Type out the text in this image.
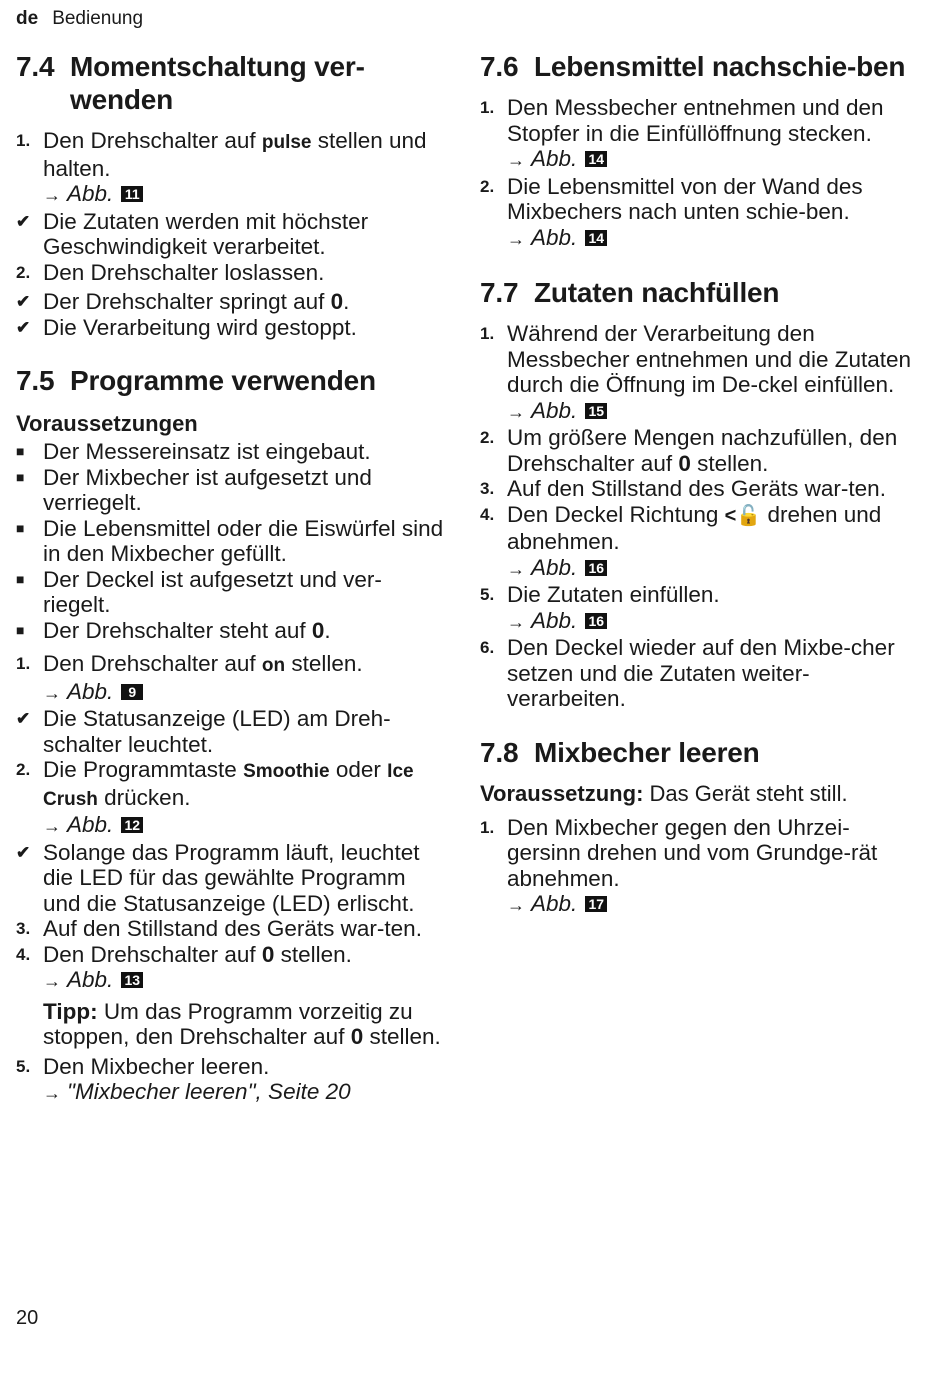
de Bedienung
7.4 Momentschaltung ver-wenden
1. Den Drehschalter auf pulse stellen und halten.
→ Abb. 11
✔ Die Zutaten werden mit höchster Geschwindigkeit verarbeitet.
2. Den Drehschalter loslassen.
✔ Der Drehschalter springt auf 0.
✔ Die Verarbeitung wird gestoppt.
7.5 Programme verwenden
Voraussetzungen
■ Der Messereinsatz ist eingebaut.
■ Der Mixbecher ist aufgesetzt und verriegelt.
■ Die Lebensmittel oder die Eiswürfel sind in den Mixbecher gefüllt.
■ Der Deckel ist aufgesetzt und ver-riegelt.
■ Der Drehschalter steht auf 0.
1. Den Drehschalter auf on stellen.
→ Abb. 9
✔ Die Statusanzeige (LED) am Dreh-schalter leuchtet.
2. Die Programmtaste Smoothie oder Ice Crush drücken.
→ Abb. 12
✔ Solange das Programm läuft, leuchtet die LED für das gewählte Programm und die Statusanzeige (LED) erlischt.
3. Auf den Stillstand des Geräts war-ten.
4. Den Drehschalter auf 0 stellen.
→ Abb. 13
Tipp: Um das Programm vorzeitig zu stoppen, den Drehschalter auf 0 stellen.
5. Den Mixbecher leeren.
→ "Mixbecher leeren", Seite 20
7.6 Lebensmittel nachschie-ben
1. Den Messbecher entnehmen und den Stopfer in die Einfüllöffnung stecken.
→ Abb. 14
2. Die Lebensmittel von der Wand des Mixbechers nach unten schie-ben.
→ Abb. 14
7.7 Zutaten nachfüllen
1. Während der Verarbeitung den Messbecher entnehmen und die Zutaten durch die Öffnung im De-ckel einfüllen.
→ Abb. 15
2. Um größere Mengen nachzufüllen, den Drehschalter auf 0 stellen.
3. Auf den Stillstand des Geräts war-ten.
4. Den Deckel Richtung <🔓 drehen und abnehmen.
→ Abb. 16
5. Die Zutaten einfüllen.
→ Abb. 16
6. Den Deckel wieder auf den Mixbe-cher setzen und die Zutaten weiter-verarbeiten.
7.8 Mixbecher leeren
Voraussetzung: Das Gerät steht still.
1. Den Mixbecher gegen den Uhrzei-gersinn drehen und vom Grundge-rät abnehmen.
→ Abb. 17
20
